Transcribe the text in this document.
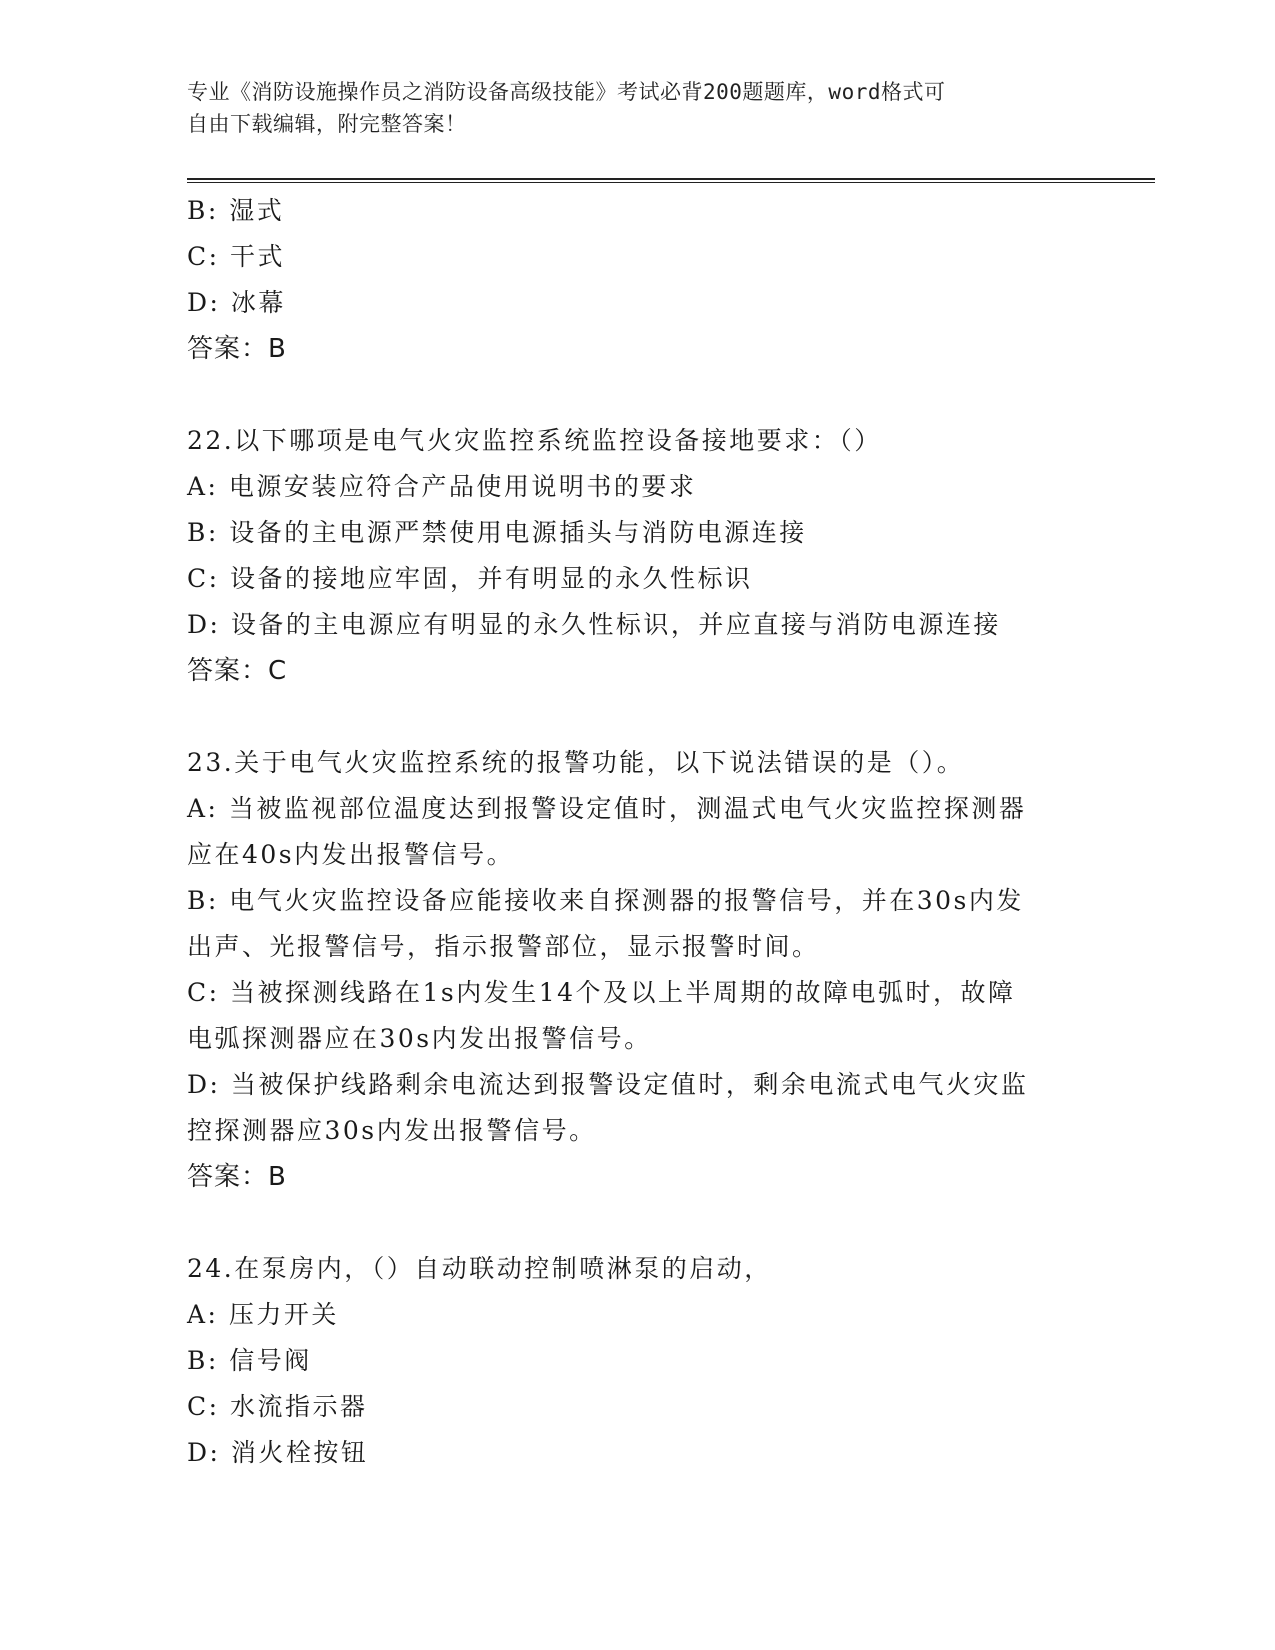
专业《消防设施操作员之消防设备高级技能》考试必背200题题库，word格式可
自由下载编辑，附完整答案！
B: 湿式
C: 干式
D: 冰幕
答案：B
22.以下哪项是电气火灾监控系统监控设备接地要求：（）
A: 电源安装应符合产品使用说明书的要求
B: 设备的主电源严禁使用电源插头与消防电源连接
C: 设备的接地应牢固，并有明显的永久性标识
D: 设备的主电源应有明显的永久性标识，并应直接与消防电源连接
答案：C
23.关于电气火灾监控系统的报警功能，以下说法错误的是（）。
A: 当被监视部位温度达到报警设定值时，测温式电气火灾监控探测器
应在40s内发出报警信号。
B: 电气火灾监控设备应能接收来自探测器的报警信号，并在30s内发
出声、光报警信号，指示报警部位，显示报警时间。
C: 当被探测线路在1s内发生14个及以上半周期的故障电弧时，故障
电弧探测器应在30s内发出报警信号。
D: 当被保护线路剩余电流达到报警设定值时，剩余电流式电气火灾监
控探测器应30s内发出报警信号。
答案：B
24.在泵房内，（）自动联动控制喷淋泵的启动，
A: 压力开关
B: 信号阀
C: 水流指示器
D: 消火栓按钮
